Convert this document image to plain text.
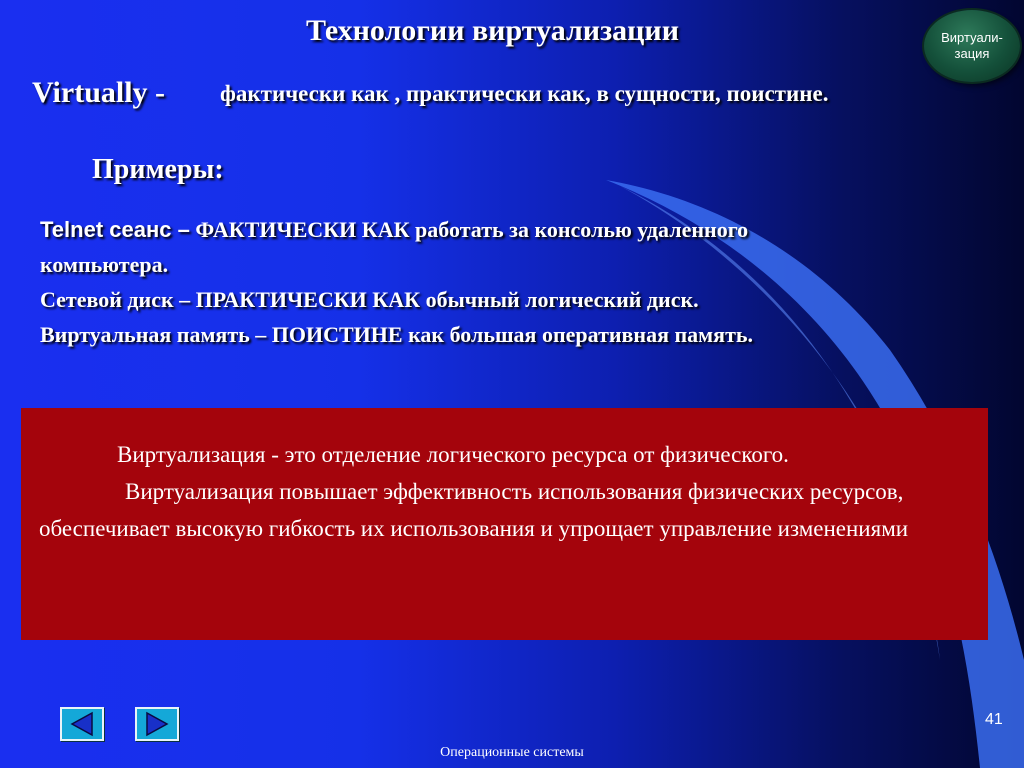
Технологии виртуализации	Виртуали-
зация
Virtually - фактически как , практически как, в сущности, поистине.
Примеры:
Telnet сеанс – ФАКТИЧЕСКИ КАК работать за консолью удаленного
компьютера.
Сетевой диск – ПРАКТИЧЕСКИ КАК обычный логический диск.
Виртуальная память – ПОИСТИНЕ как большая оперативная память.

Виртуализация - это отделение логического ресурса от физического.

Виртуализация повышает эффективность использования физических ресурсов, обеспечивает высокую гибкость их использования и упрощает управление изменениями

Операционные системы
41
